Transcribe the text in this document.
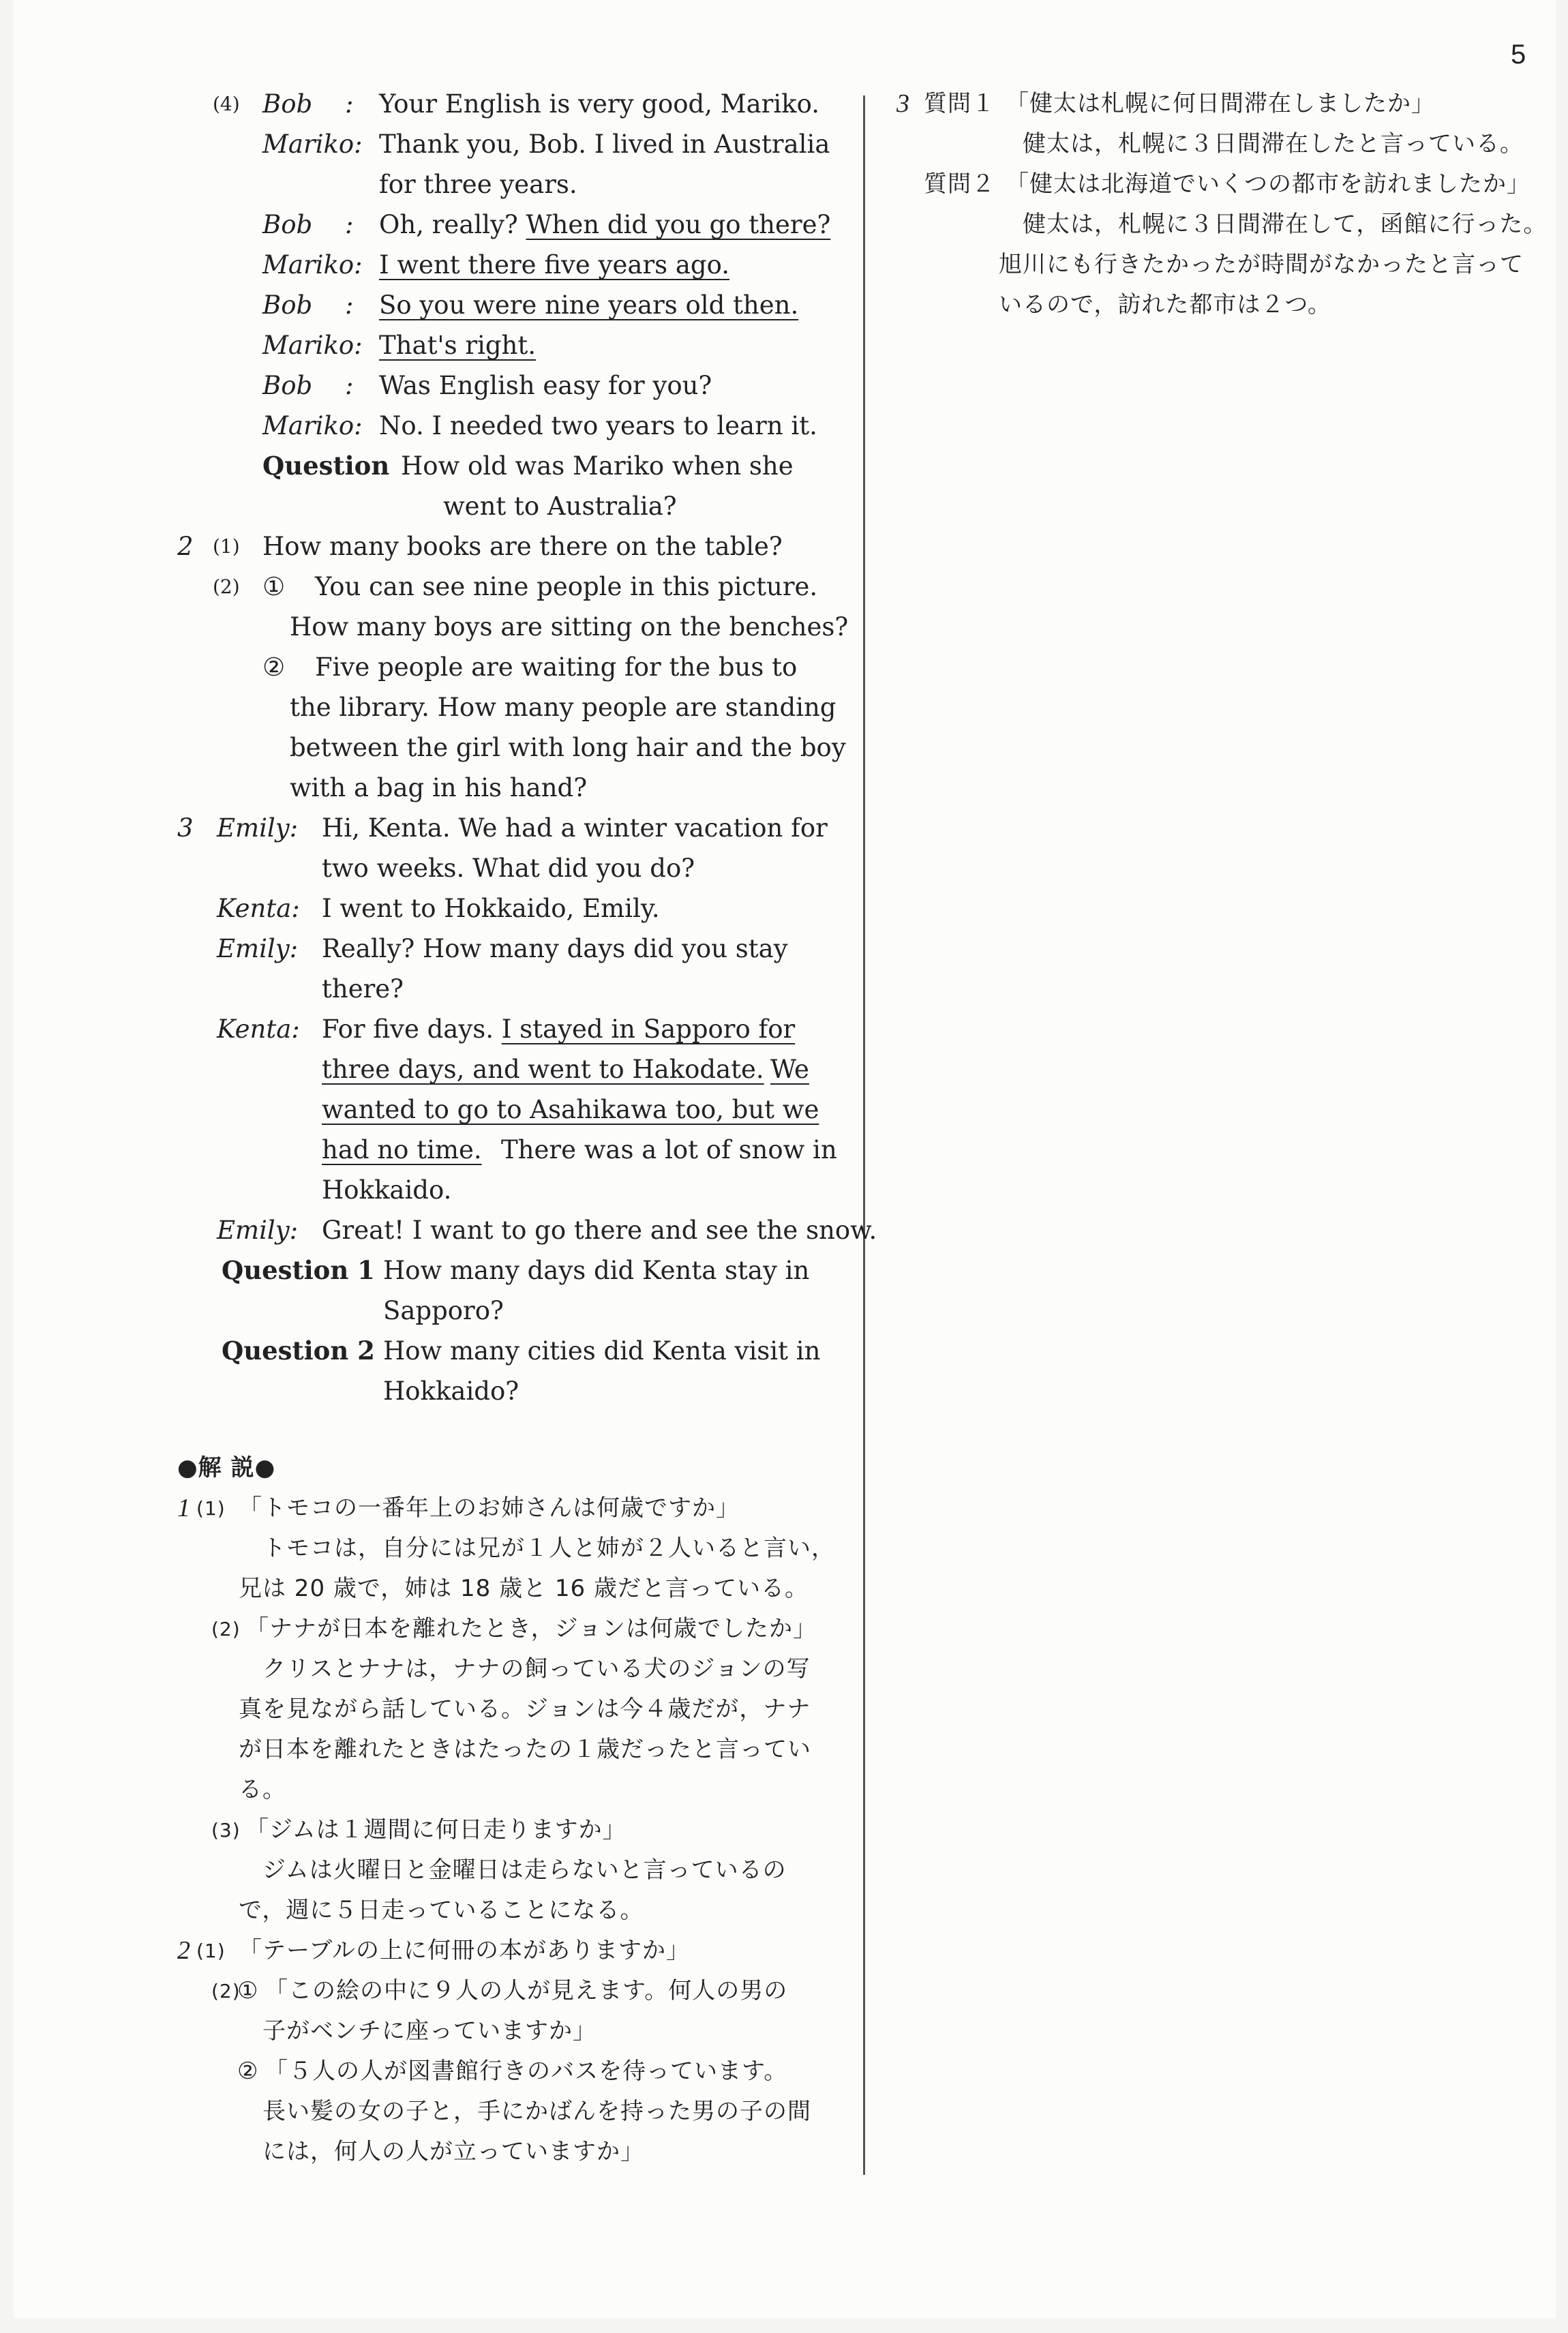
5
(4) Bob : Your English is very good, Mariko.
Mariko: Thank you, Bob. I lived in Australia
for three years.
Bob : Oh, really? When did you go there?
Mariko: I went there five years ago.
Bob : So you were nine years old then.
Mariko: That's right.
Bob : Was English easy for you?
Mariko: No. I needed two years to learn it.
Question How old was Mariko when she
went to Australia?
2 (1) How many books are there on the table?
(2) ① You can see nine people in this picture.
How many boys are sitting on the benches?
② Five people are waiting for the bus to
the library. How many people are standing
between the girl with long hair and the boy
with a bag in his hand?
3 Emily: Hi, Kenta. We had a winter vacation for
two weeks. What did you do?
Kenta: I went to Hokkaido, Emily.
Emily: Really? How many days did you stay
there?
Kenta: For five days. I stayed in Sapporo for
three days, and went to Hakodate. We
wanted to go to Asahikawa too, but we
had no time. There was a lot of snow in
Hokkaido.
Emily: Great! I want to go there and see the snow.
Question 1 How many days did Kenta stay in
Sapporo?
Question 2 How many cities did Kenta visit in
Hokkaido?
●解 説●
1 (1) 「トモコの一番年上のお姉さんは何歳ですか」
トモコは，自分には兄が１人と姉が２人いると言い，
兄は 20 歳で，姉は 18 歳と 16 歳だと言っている。
(2) 「ナナが日本を離れたとき，ジョンは何歳でしたか」
クリスとナナは，ナナの飼っている犬のジョンの写
真を見ながら話している。ジョンは今４歳だが，ナナ
が日本を離れたときはたったの１歳だったと言ってい
る。
(3) 「ジムは１週間に何日走りますか」
ジムは火曜日と金曜日は走らないと言っているの
で，週に５日走っていることになる。
2 (1) 「テーブルの上に何冊の本がありますか」
(2)
① 「この絵の中に９人の人が見えます。何人の男の
子がベンチに座っていますか」
② 「５人の人が図書館行きのバスを待っています。
長い髪の女の子と，手にかばんを持った男の子の間
には，何人の人が立っていますか」
3 質問１ 「健太は札幌に何日間滞在しましたか」
健太は，札幌に３日間滞在したと言っている。
質問２ 「健太は北海道でいくつの都市を訪れましたか」
健太は，札幌に３日間滞在して，函館に行った。
旭川にも行きたかったが時間がなかったと言って
いるので，訪れた都市は２つ。
